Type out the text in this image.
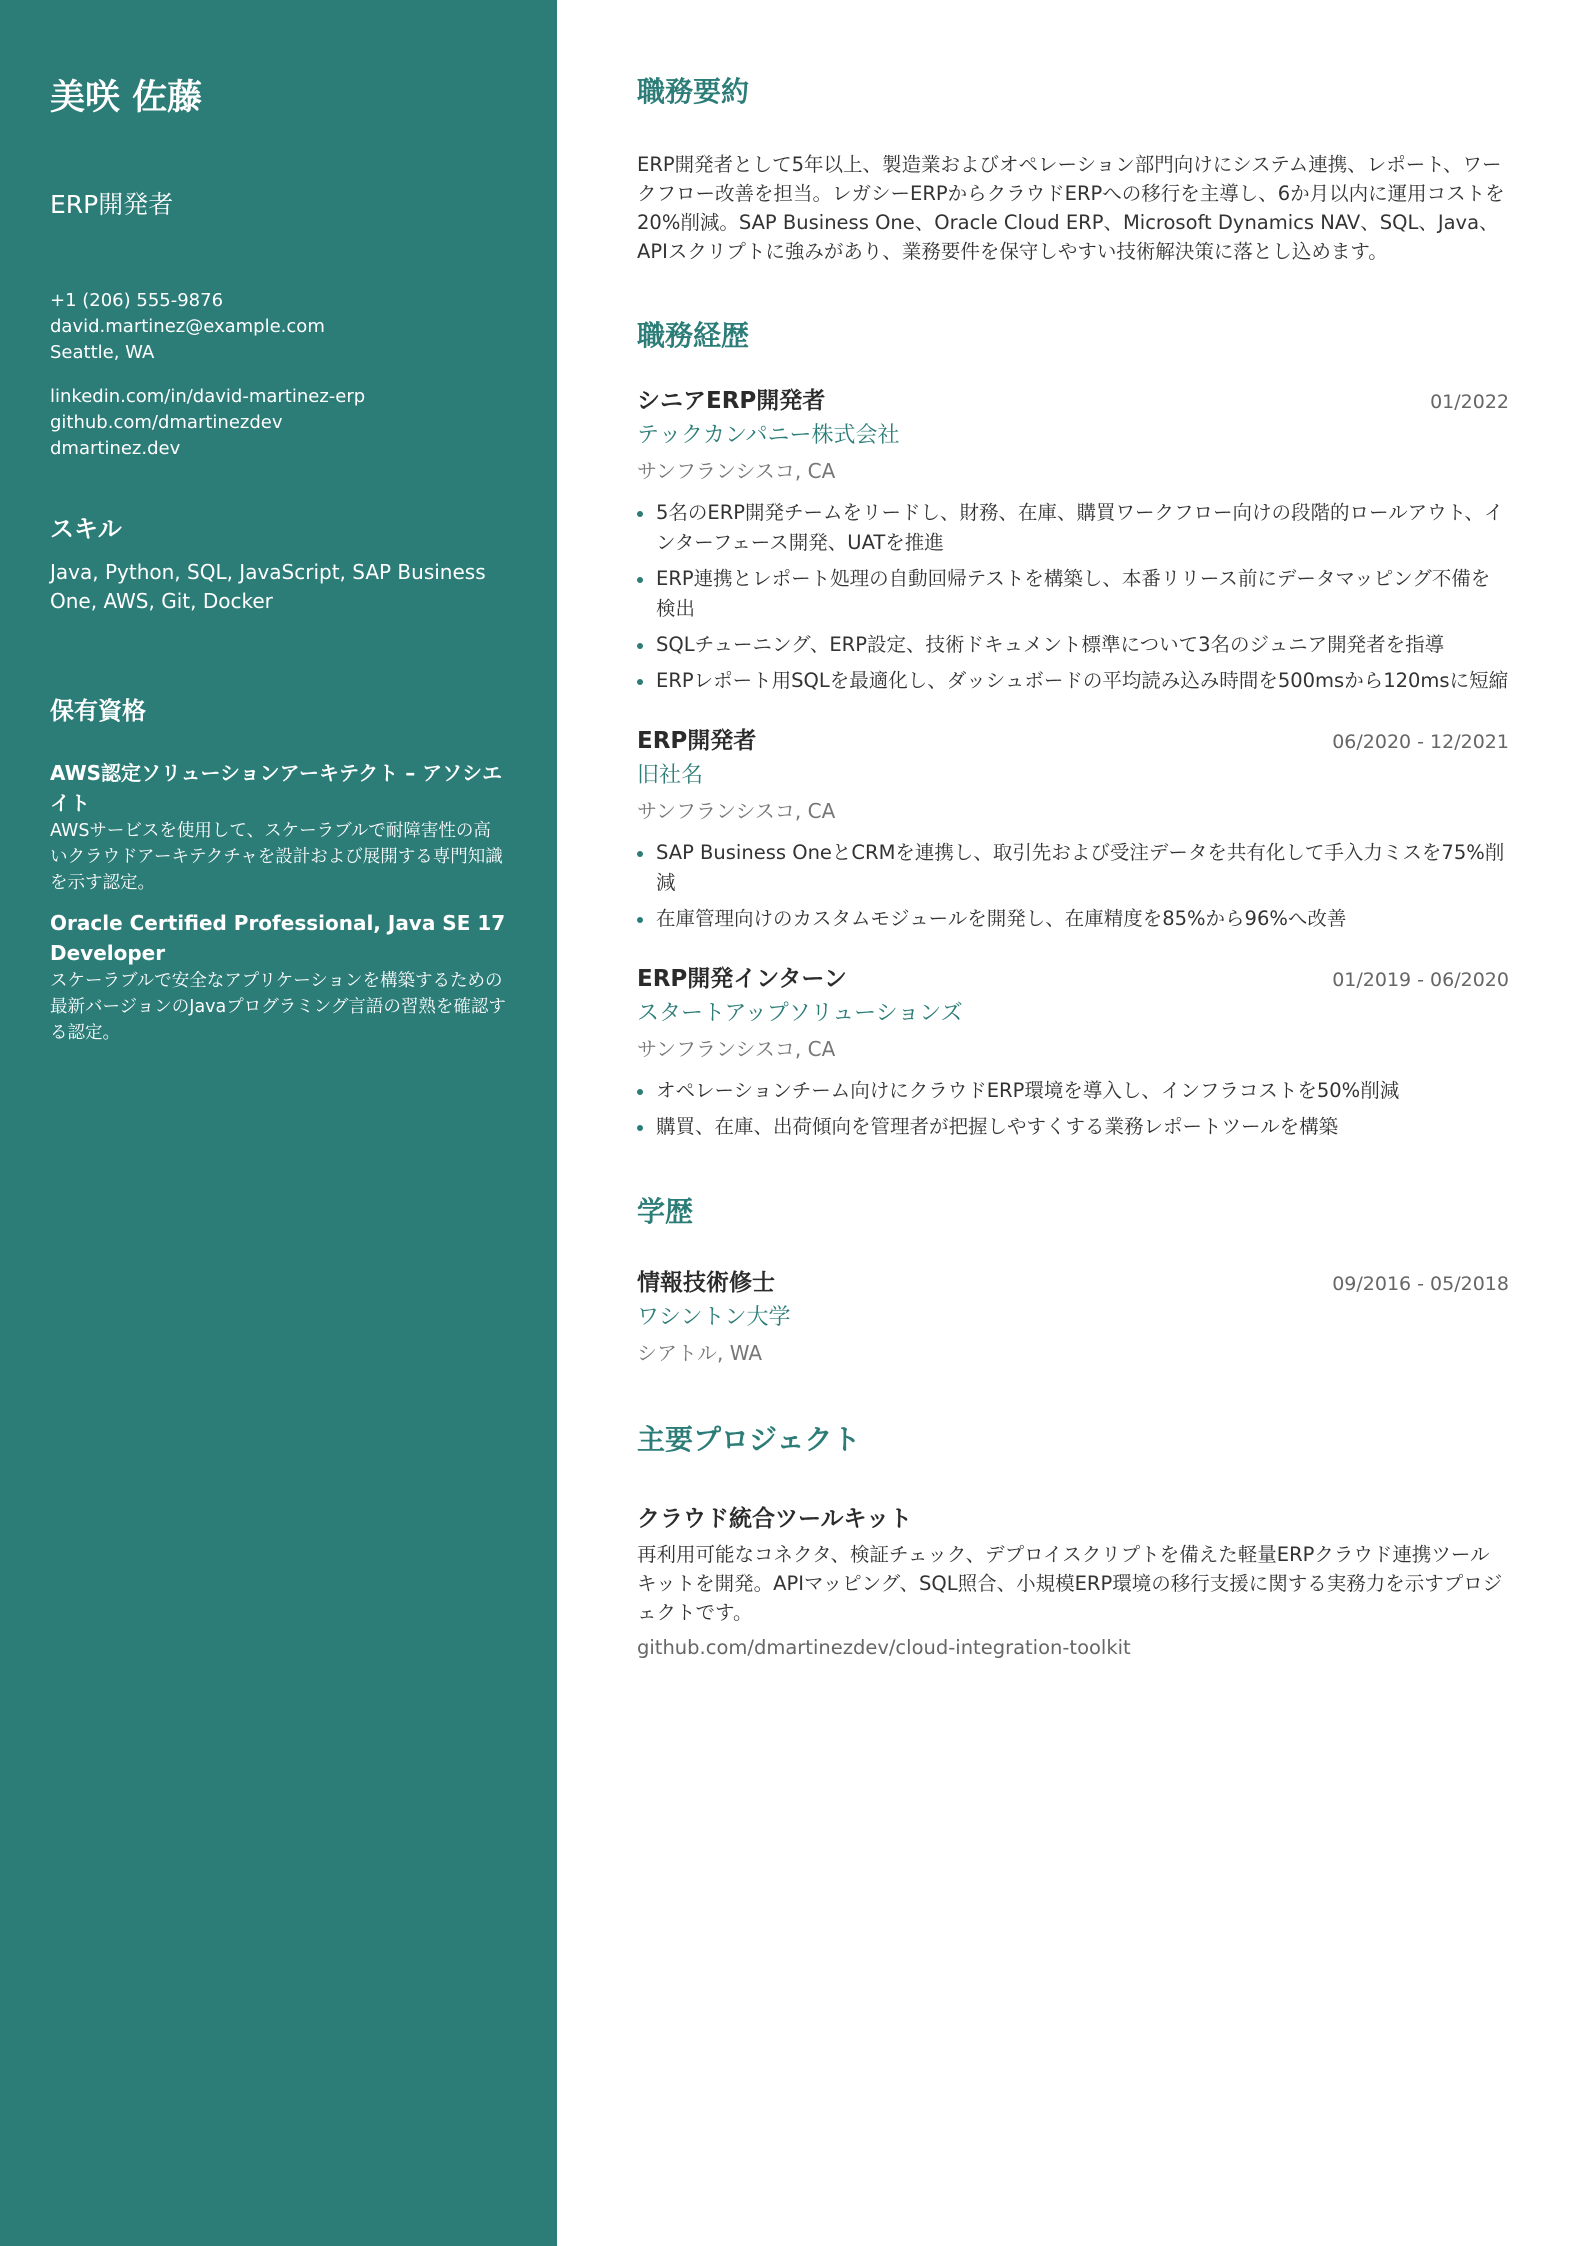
美咲 佐藤
ERP開発者
+1 (206) 555-9876
david.martinez@example.com
Seattle, WA
linkedin.com/in/david-martinez-erp
github.com/dmartinezdev
dmartinez.dev
スキル
Java, Python, SQL, JavaScript, SAP Business One, AWS, Git, Docker
保有資格
AWS認定ソリューションアーキテクト – アソシエイト
AWSサービスを使用して、スケーラブルで耐障害性の高いクラウドアーキテクチャを設計および展開する専門知識を示す認定。
Oracle Certified Professional, Java SE 17 Developer
スケーラブルで安全なアプリケーションを構築するための最新バージョンのJavaプログラミング言語の習熟を確認する認定。
職務要約
ERP開発者として5年以上、製造業およびオペレーション部門向けにシステム連携、レポート、ワークフロー改善を担当。レガシーERPからクラウドERPへの移行を主導し、6か月以内に運用コストを20%削減。SAP Business One、Oracle Cloud ERP、Microsoft Dynamics NAV、SQL、Java、APIスクリプトに強みがあり、業務要件を保守しやすい技術解決策に落とし込めます。
職務経歴
シニアERP開発者	01/2022
テックカンパニー株式会社
サンフランシスコ, CA
5名のERP開発チームをリードし、財務、在庫、購買ワークフロー向けの段階的ロールアウト、インターフェース開発、UATを推進
ERP連携とレポート処理の自動回帰テストを構築し、本番リリース前にデータマッピング不備を検出
SQLチューニング、ERP設定、技術ドキュメント標準について3名のジュニア開発者を指導
ERPレポート用SQLを最適化し、ダッシュボードの平均読み込み時間を500msから120msに短縮
ERP開発者	06/2020 - 12/2021
旧社名
サンフランシスコ, CA
SAP Business OneとCRMを連携し、取引先および受注データを共有化して手入力ミスを75%削減
在庫管理向けのカスタムモジュールを開発し、在庫精度を85%から96%へ改善
ERP開発インターン	01/2019 - 06/2020
スタートアップソリューションズ
サンフランシスコ, CA
オペレーションチーム向けにクラウドERP環境を導入し、インフラコストを50%削減
購買、在庫、出荷傾向を管理者が把握しやすくする業務レポートツールを構築
学歴
情報技術修士	09/2016 - 05/2018
ワシントン大学
シアトル, WA
主要プロジェクト
クラウド統合ツールキット
再利用可能なコネクタ、検証チェック、デプロイスクリプトを備えた軽量ERPクラウド連携ツールキットを開発。APIマッピング、SQL照合、小規模ERP環境の移行支援に関する実務力を示すプロジェクトです。
github.com/dmartinezdev/cloud-integration-toolkit
